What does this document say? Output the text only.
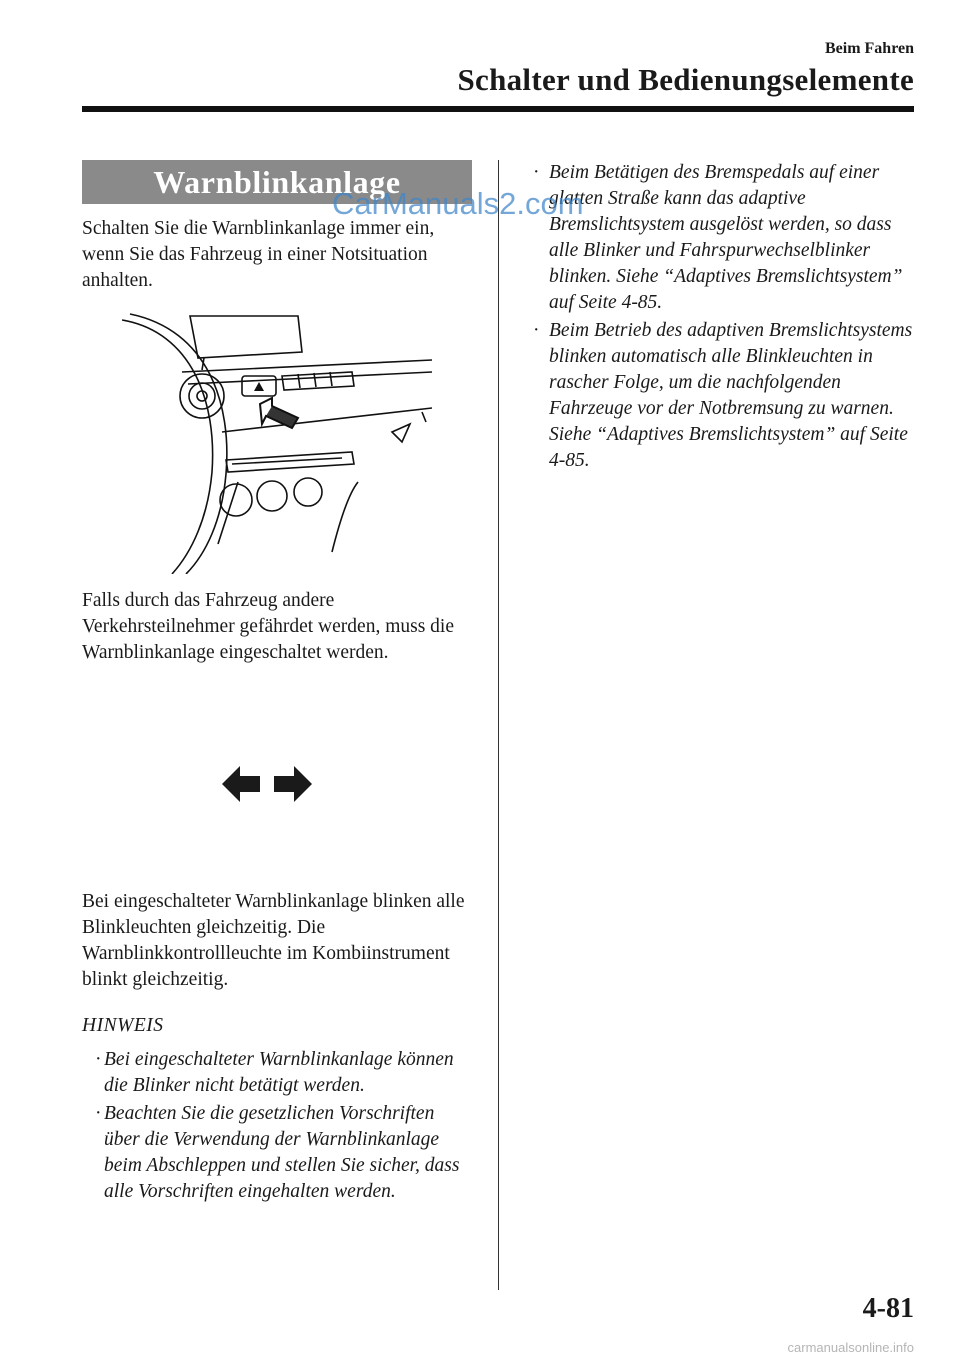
Beim Fahren
Schalter und Bedienungselemente
Warnblinkanlage

Schalten Sie die Warnblinkanlage immer ein, wenn Sie das Fahrzeug in einer Notsituation anhalten.

Falls durch das Fahrzeug andere Verkehrsteilnehmer gefährdet werden, muss die Warnblinkanlage eingeschaltet werden.

Bei eingeschalteter Warnblinkanlage blinken alle Blinkleuchten gleichzeitig. Die Warnblinkkontrollleuchte im Kombiinstrument blinkt gleichzeitig.

HINWEIS
· Bei eingeschalteter Warnblinkanlage können die Blinker nicht betätigt werden.
· Beachten Sie die gesetzlichen Vorschriften über die Verwendung der Warnblinkanlage beim Abschleppen und stellen Sie sicher, dass alle Vorschriften eingehalten werden.
· Beim Betätigen des Bremspedals auf einer glatten Straße kann das adaptive Bremslichtsystem ausgelöst werden, so dass alle Blinker und Fahrspurwechselblinker blinken. Siehe “Adaptives Bremslichtsystem” auf Seite 4-85.
· Beim Betrieb des adaptiven Bremslichtsystems blinken automatisch alle Blinkleuchten in rascher Folge, um die nachfolgenden Fahrzeuge vor der Notbremsung zu warnen. Siehe “Adaptives Bremslichtsystem” auf Seite 4-85.
CarManuals2.com
4-81
carmanualsonline.info
